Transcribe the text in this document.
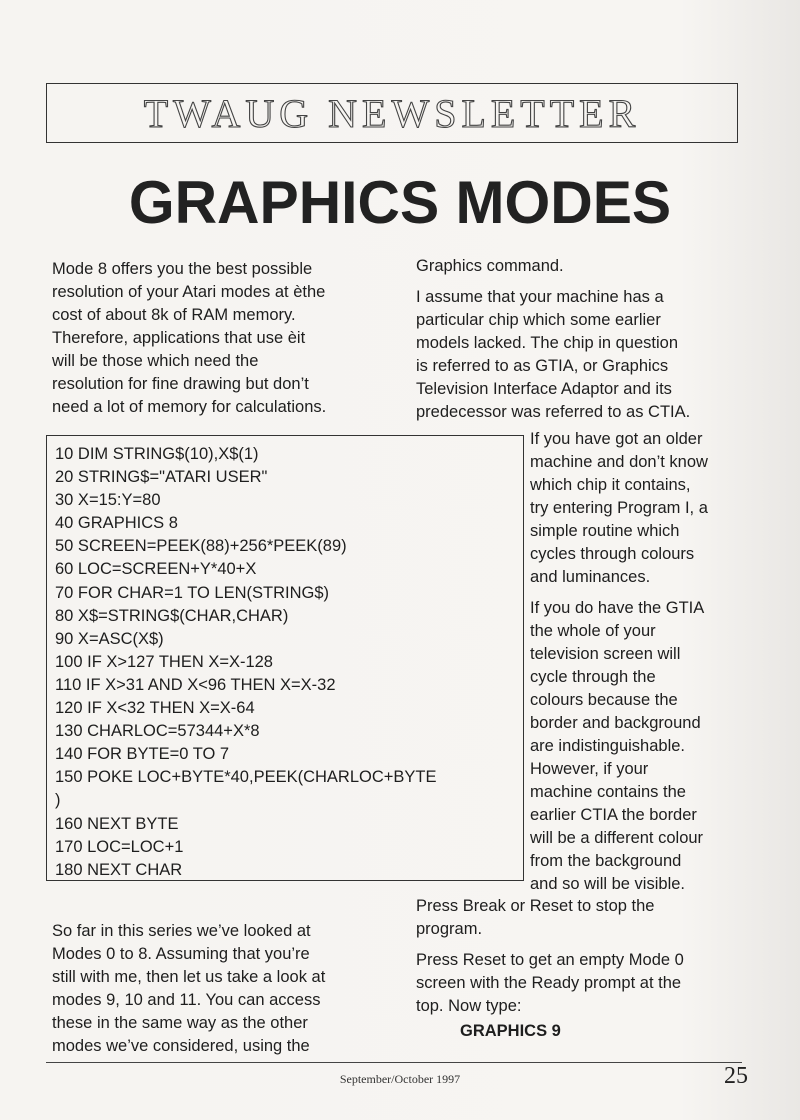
TWAUG NEWSLETTER
GRAPHICS MODES

Mode 8 offers you the best possible
resolution of your Atari modes at èthe
cost of about 8k of RAM memory.
Therefore, applications that use èit
will be those which need the
resolution for fine drawing but don’t
need a lot of memory for calculations.

Graphics command.

I assume that your machine has a
particular chip which some earlier
models lacked. The chip in question
is referred to as GTIA, or Graphics
Television Interface Adaptor and its
predecessor was referred to as CTIA.

10 DIM STRING$(10),X$(1)
20 STRING$="ATARI USER"
30 X=15:Y=80
40 GRAPHICS 8
50 SCREEN=PEEK(88)+256*PEEK(89)
60 LOC=SCREEN+Y*40+X
70 FOR CHAR=1 TO LEN(STRING$)
80 X$=STRING$(CHAR,CHAR)
90 X=ASC(X$)
100 IF X>127 THEN X=X-128
110 IF X>31 AND X<96 THEN X=X-32
120 IF X<32 THEN X=X-64
130 CHARLOC=57344+X*8
140 FOR BYTE=0 TO 7
150 POKE LOC+BYTE*40,PEEK(CHARLOC+BYTE
)
160 NEXT BYTE
170 LOC=LOC+1
180 NEXT CHAR

If you have got an older
machine and don’t know
which chip it contains,
try entering Program I, a
simple routine which
cycles through colours
and luminances.

If you do have the GTIA
the whole of your
television screen will
cycle through the
colours because the
border and background
are indistinguishable.
However, if your
machine contains the
earlier CTIA the border
will be a different colour
from the background
and so will be visible.

Press Break or Reset to stop the
program.

Press Reset to get an empty Mode 0
screen with the Ready prompt at the
top. Now type:

GRAPHICS 9

So far in this series we’ve looked at
Modes 0 to 8. Assuming that you’re
still with me, then let us take a look at
modes 9, 10 and 11. You can access
these in the same way as the other
modes we’ve considered, using the

September/October 1997	25
